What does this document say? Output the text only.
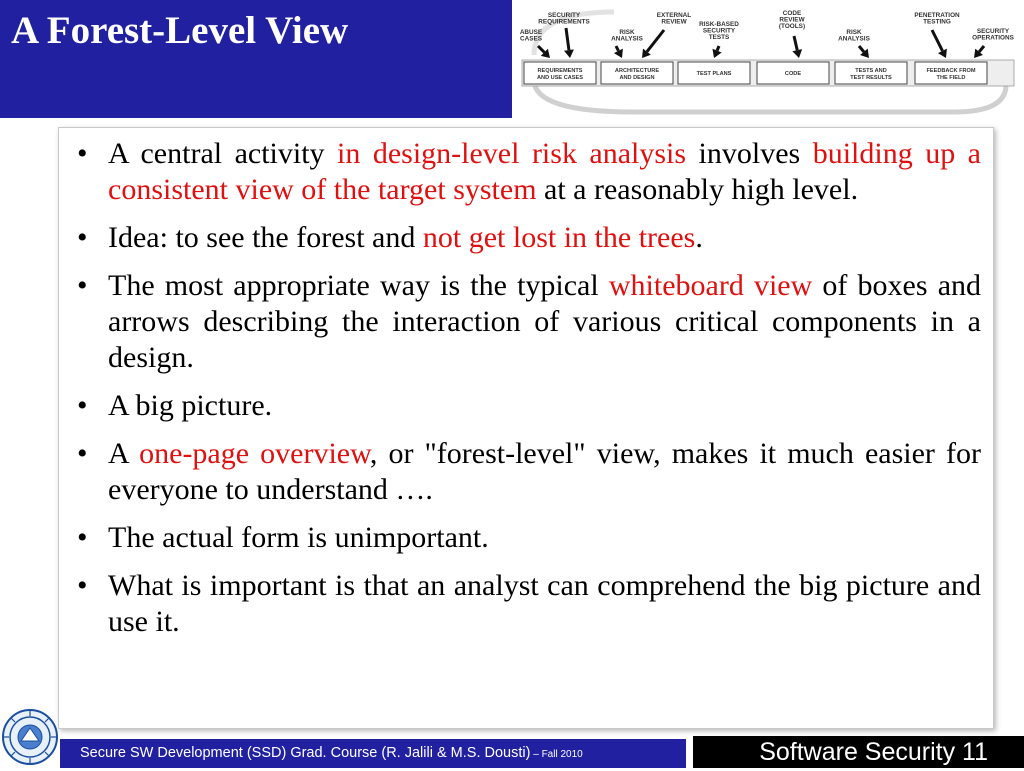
A Forest-Level View
REQUIREMENTS
AND USE CASES
ARCHITECTURE
AND DESIGN
TEST PLANS	CODE	TESTS AND
TEST RESULTS
FEEDBACK FROM
THE FIELD
SECURITY
REQUIREMENTS
ABUSE
CASES
EXTERNAL
REVIEW
RISK
ANALYSIS
RISK-BASED
SECURITY
TESTS
CODE
REVIEW
(TOOLS)
RISK
ANALYSIS
PENETRATION
TESTING
SECURITY
OPERATIONS
• A central activity in design-level risk analysis involves building up a consistent view of the target system at a reasonably high level.
• Idea: to see the forest and not get lost in the trees.
• The most appropriate way is the typical whiteboard view of boxes and arrows describing the interaction of various critical components in a design.
• A big picture.
• A one-page overview, or "forest-level" view, makes it much easier for everyone to understand ….
• The actual form is unimportant.
• What is important is that an analyst can comprehend the big picture and use it.
Secure SW Development (SSD) Grad. Course (R. Jalili & M.S. Dousti) – Fall 2010	Software Security 11
